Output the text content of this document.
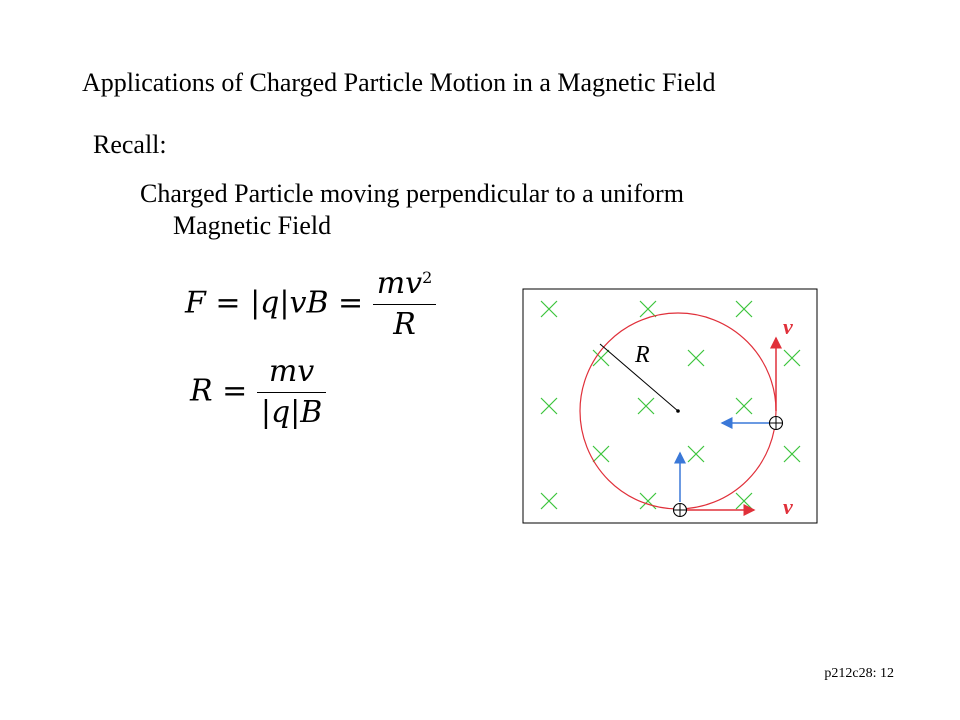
Applications of Charged Particle Motion in a Magnetic Field
Recall:
Charged Particle moving perpendicular to a uniform
Magnetic Field
$F = |q|vB = \frac{mv^2}{R}$
$R = \frac{mv}{|q|B}$	R
v
v
p212c28: 12
